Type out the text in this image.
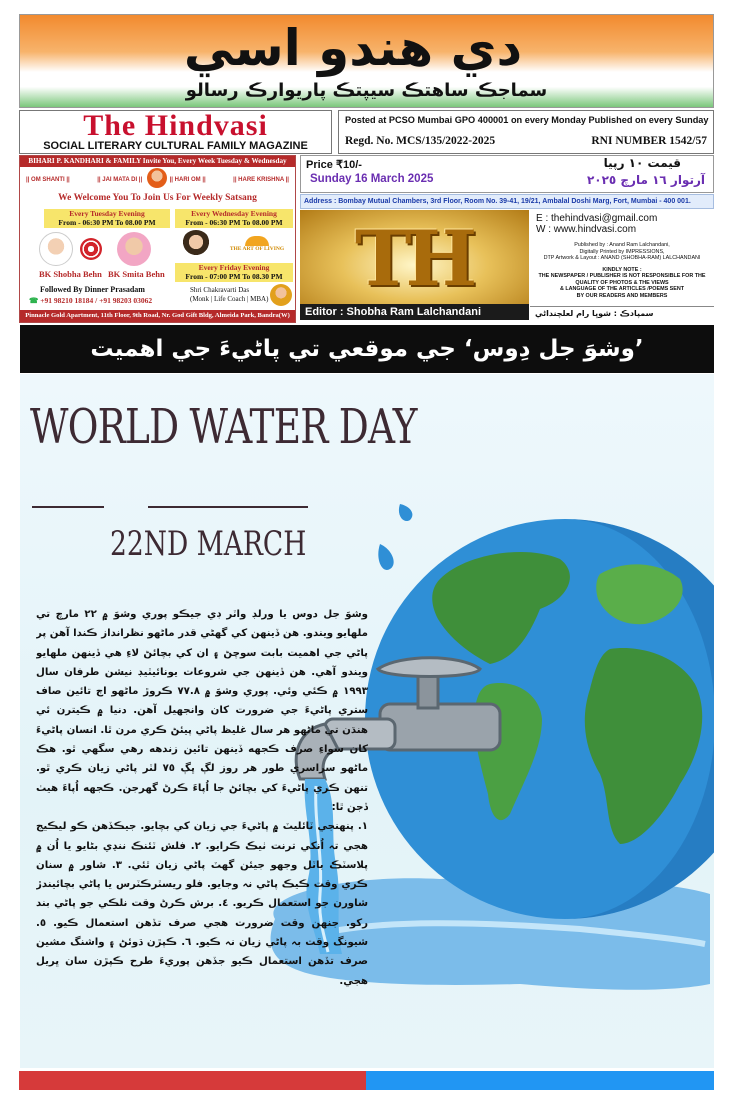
دي هندو اسي
سماجڪ ساهتڪ سيپتڪ پاريوارڪ رسالو
The Hindvasi
SOCIAL LITERARY CULTURAL FAMILY MAGAZINE
Posted at PCSO Mumbai GPO 400001 on every Monday Published on every Sunday
Regd. No. MCS/135/2022-2025	RNI NUMBER 1542/57
BIHARI P. KANDHARI & FAMILY Invite You, Every Week Tuesday & Wednesday
|| OM SHANTI ||	|| JAI MATA DI ||	|| HARI OM ||	|| HARE KRISHNA ||
We Welcome You To Join Us For Weekly Satsang
Every Tuesday Evening
From - 06:30 PM To 08.00 PM
Every Wednesday Evening
From - 06:30 PM To 08.00 PM
Every Friday Evening
From - 07:00 PM To 08.30 PM
THE ART OF LIVING
BK Shobha Behn BK Smita Behn
Followed By Dinner Prasadam
☎ +91 98210 18184 / +91 98203 03062
Shri Chakravarti Das
(Monk | Life Coach | MBA)
Pinnacle Gold Apartment, 11th Floor, 9th Road, Nr. God Gift Bldg, Almeida Park, Bandra(W)
Price ₹10/-
Sunday 16 March 2025
قيمت ١٠ رپيا
آرتوار ١٦ مارچ ٢٠٢٥
Address : Bombay Mutual Chambers, 3rd Floor, Room No. 39-41, 19/21, Ambalal Doshi Marg, Fort, Mumbai - 400 001.
TH
Editor : Shobha Ram Lalchandani
E : thehindvasi@gmail.com
W : www.hindvasi.com
Published by : Anand Ram Lalchandani,
Digitally Printed by IMPRESSIONS,
DTP Artwork & Layout : ANAND (SHOBHA-RAM) LALCHANDANI
KINDLY NOTE :
THE NEWSPAPER / PUBLISHER IS NOT RESPONSIBLE FOR THE
QUALITY OF PHOTOS & THE VIEWS
& LANGUAGE OF THE ARTICLES /POEMS SENT
BY OUR READERS AND MEMBERS
سمپادڪ : شوڀا رام لعلچنداڻي
’وشوَ جل دِوس‘ جي موقعي تي پاڻيءَ جي اهميت
WORLD WATER DAY
22ND MARCH

وشوَ جل دوس يا ورلڊ واٽر ڊي جيڪو پوري وشوَ ۾ ٢٢ مارچ تي ملهايو ويندو. هن ڏينهن کي گهڻي قدر ماڻهو نظرانداز ڪندا آهن پر پاڻي جي اهميت بابت سوچڻ ۽ ان کي بچائڻ لاءِ هي ڏينهن ملهايو ويندو آهي. هن ڏينهن جي شروعات يونائيٽيڊ نيشن طرفان سال ١٩٩٣ ۾ ڪئي وئي. پوري وشوَ ۾ ٧٧.٨ ڪروڙ ماڻهو اڄ تائين صاف ستري پاڻيءَ جي ضرورت کان وانجهيل آهن. دنيا ۾ ڪيترن ئي هنڌن تي ماڻهو هر سال غليظ پاڻي پيئڻ ڪري مرن ٿا. انسان پاڻيءَ کان سواءِ صرف ڪجهه ڏينهن تائين زندهه رهي سگهي ٿو. هڪ ماڻهو سراسري طور هر روز لڳ ڀڳ ٧٥ لٽر پاڻي زيان ڪري ٿو. تنهن ڪري پاڻيءَ کي بچائڻ جا اُپاءَ ڪرڻ گهرجن. ڪجهه اُپاءَ هيٺ ڏجن ٿا:

١. پنهنجي ٽائليٽ ۾ پاڻيءَ جي زيان کي بچايو. جيڪڏهن ڪو ليڪيج هجي تہ اُنکي ترنت ٺيڪ ڪرايو. ٢. فلش ٽئنڪ ننڍي بڻايو يا اُن ۾ پلاسٽڪ باٽل وجهو جيئن گهٽ پاڻي زيان ٿئي. ٣. شاور ۾ سنان ڪري وقت ڪيڪ پاڻي نہ وجايو. فلو ريسٽرڪٽرس يا پاڻي بچائيندڙ شاورن جو استعمال ڪريو. ٤. برش ڪرڻ وقت نلڪي جو پاڻي بند رکو. جنهن وقت ضرورت هجي صرف تڏهن استعمال ڪيو. ٥. شيونگ وقت بہ پاڻي زيان نہ ڪيو. ٦. ڪپڙن ڌوئڻ ۽ واشنگ مشين صرف تڏهن استعمال ڪيو جڏهن پوريءَ طرح ڪپڙن سان ڀريل هجي.
